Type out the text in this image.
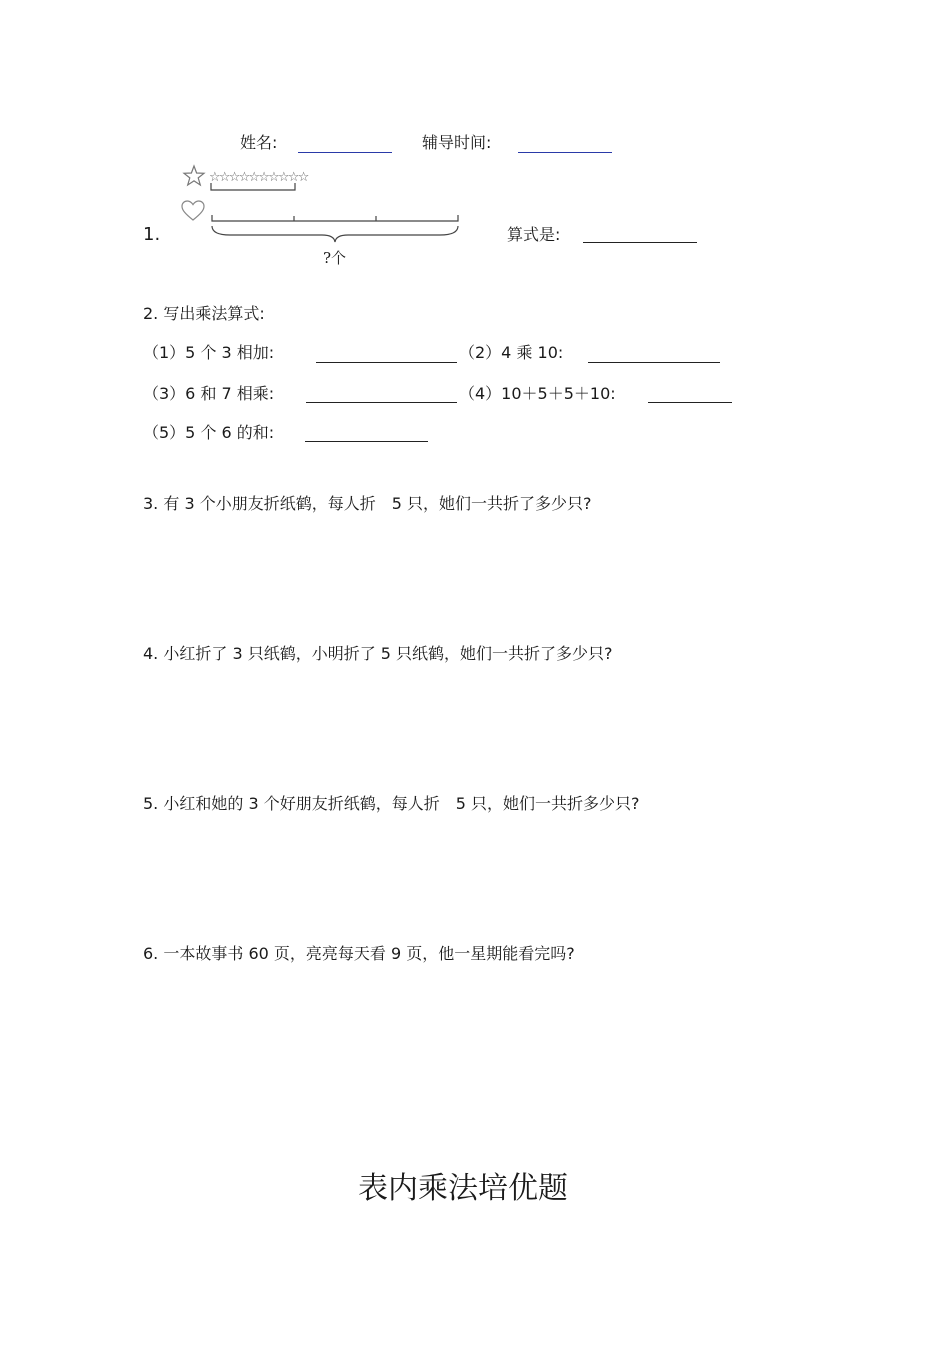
姓名:	辅导时间:
☆☆☆☆☆☆☆☆☆☆
?个
1.	算式是:
2. 写出乘法算式:
（1）5 个 3 相加:	（2）4 乘 10:
（3）6 和 7 相乘:	（4）10＋5＋5＋10:
（5）5 个 6 的和:
3. 有 3 个小朋友折纸鹤，每人折　5 只，她们一共折了多少只?
4. 小红折了 3 只纸鹤，小明折了 5 只纸鹤，她们一共折了多少只?
5. 小红和她的 3 个好朋友折纸鹤，每人折　5 只，她们一共折多少只?
6. 一本故事书 60 页，亮亮每天看 9 页，他一星期能看完吗?
表内乘法培优题
